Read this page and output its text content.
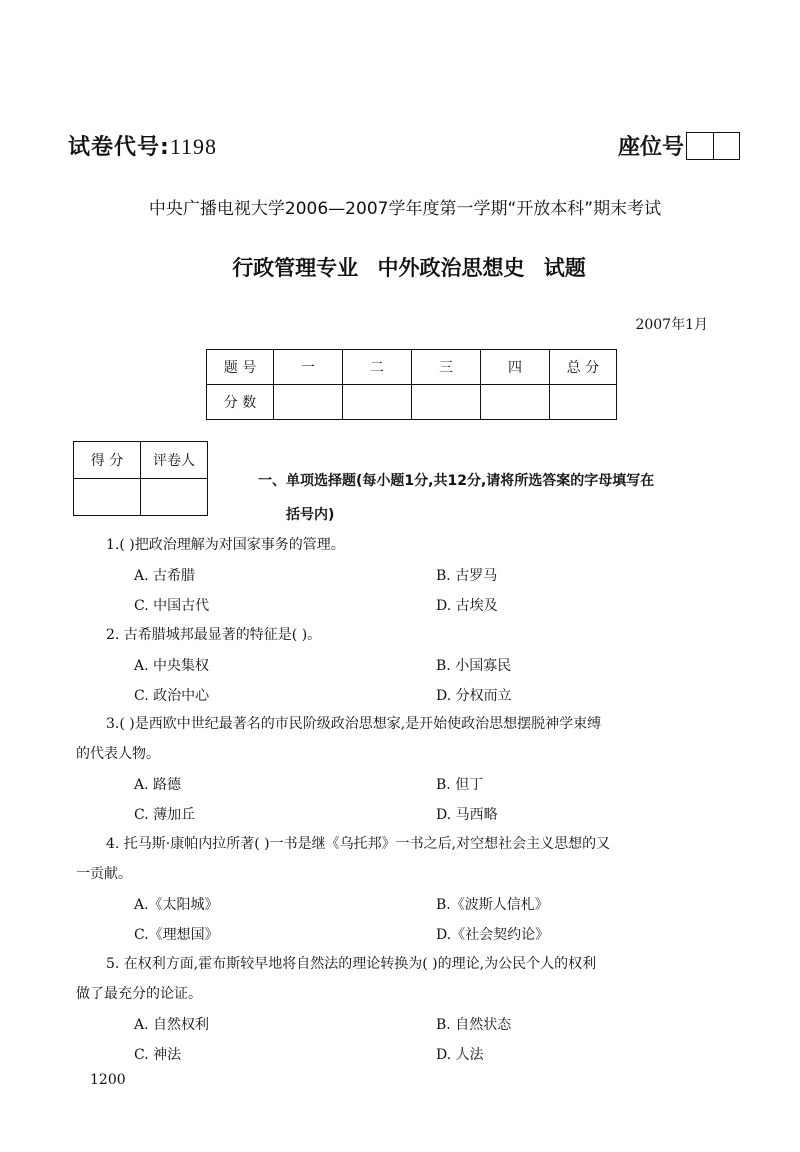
试卷代号:1198	座位号
中央广播电视大学2006—2007学年度第一学期“开放本科”期末考试
行政管理专业 中外政治思想史 试题
2007年1月
题 号	一	二	三	四	总 分
分 数					
得 分	评卷人

一、单项选择题(每小题1分,共12分,请将所选答案的字母填写在
括号内)
1.( )把政治理解为对国家事务的管理。
A. 古希腊	B. 古罗马
C. 中国古代	D. 古埃及
2. 古希腊城邦最显著的特征是( )。
A. 中央集权	B. 小国寡民
C. 政治中心	D. 分权而立
3.( )是西欧中世纪最著名的市民阶级政治思想家,是开始使政治思想摆脱神学束缚
的代表人物。
A. 路德	B. 但丁
C. 薄加丘	D. 马西略
4. 托马斯·康帕内拉所著( )一书是继《乌托邦》一书之后,对空想社会主义思想的又
一贡献。
A.《太阳城》	B.《波斯人信札》
C.《理想国》	D.《社会契约论》
5. 在权利方面,霍布斯较早地将自然法的理论转换为( )的理论,为公民个人的权利
做了最充分的论证。
A. 自然权利	B. 自然状态
C. 神法	D. 人法
1200
